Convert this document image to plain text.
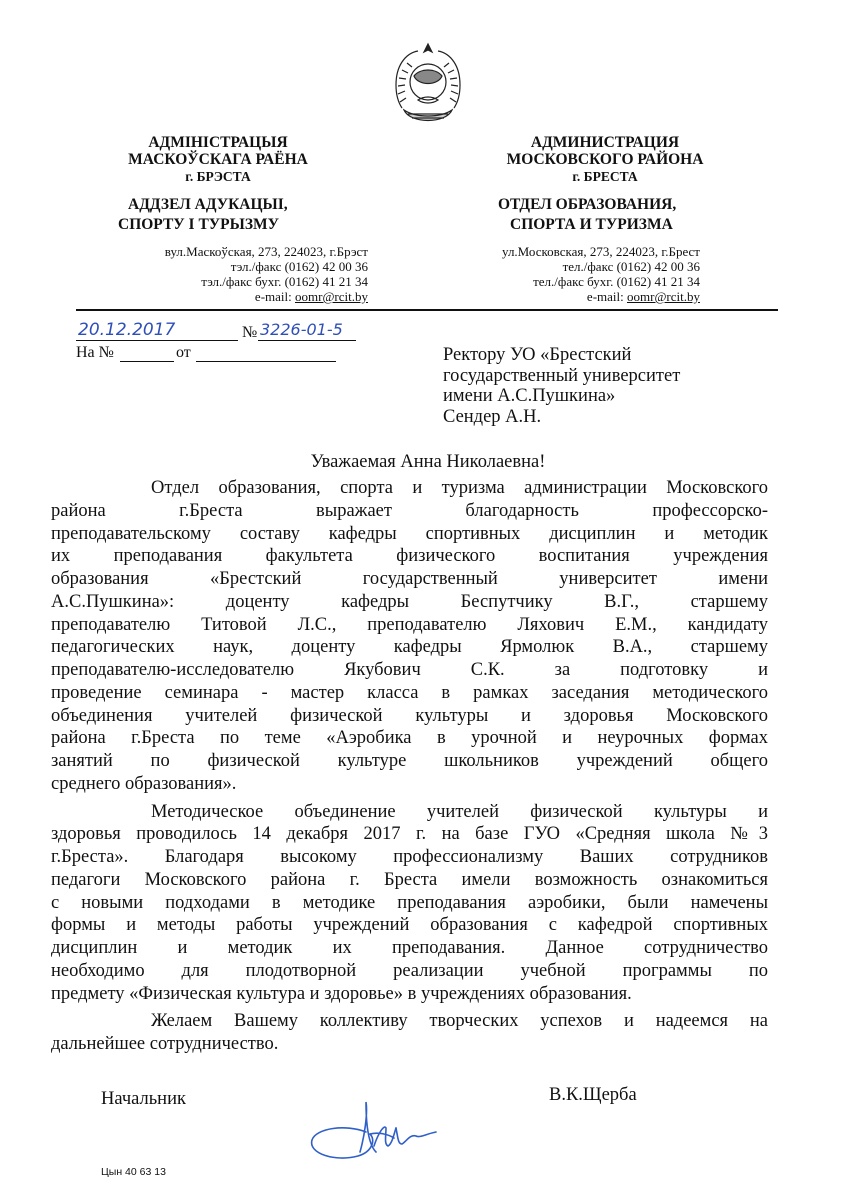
АДМІНІСТРАЦЫЯ
МАСКОЎСКАГА РАЁНА
г. БРЭСТА
АДДЗЕЛ АДУКАЦЫІ,
СПОРТУ І ТУРЫЗМУ
вул.Маскоўская, 273, 224023, г.Брэст
тэл./факс (0162) 42 00 36
тэл./факс бухг. (0162) 41 21 34
e-mail: oomr@rcit.by
АДМИНИСТРАЦИЯ
МОСКОВСКОГО РАЙОНА
г. БРЕСТА
ОТДЕЛ ОБРАЗОВАНИЯ,
СПОРТА И ТУРИЗМА
ул.Московская, 273, 224023, г.Брест
тел./факс (0162) 42 00 36
тел./факс бухг. (0162) 41 21 34
e-mail: oomr@rcit.by
20.12.2017	№ 3226-01-5
На №	от	Ректору УО «Брестский
государственный университет
имени А.С.Пушкина»
Сендер А.Н.
Уважаемая Анна Николаевна!

Отдел образования, спорта и туризма администрации Московского
района г.Бреста выражает благодарность профессорско-
преподавательскому составу кафедры спортивных дисциплин и методик
их преподавания факультета физического воспитания учреждения
образования «Брестский государственный университет имени
А.С.Пушкина»: доценту кафедры Беспутчику В.Г., старшему
преподавателю Титовой Л.С., преподавателю Ляхович Е.М., кандидату
педагогических наук, доценту кафедры Ярмолюк В.А., старшему
преподавателю-исследователю Якубович С.К. за подготовку и
проведение семинара - мастер класса в рамках заседания методического
объединения учителей физической культуры и здоровья Московского
района г.Бреста по теме «Аэробика в урочной и неурочных формах
занятий по физической культуре школьников учреждений общего
среднего образования».

Методическое объединение учителей физической культуры и
здоровья проводилось 14 декабря 2017 г. на базе ГУО «Средняя школа №3
г.Бреста». Благодаря высокому профессионализму Ваших сотрудников
педагоги Московского района г. Бреста имели возможность ознакомиться
с новыми подходами в методике преподавания аэробики, были намечены
формы и методы работы учреждений образования с кафедрой спортивных
дисциплин и методик их преподавания. Данное сотрудничество
необходимо для плодотворной реализации учебной программы по
предмету «Физическая культура и здоровье» в учреждениях образования.

Желаем Вашему коллективу творческих успехов и надеемся на
дальнейшее сотрудничество.

Начальник	В.К.Щерба
Цын 40 63 13
